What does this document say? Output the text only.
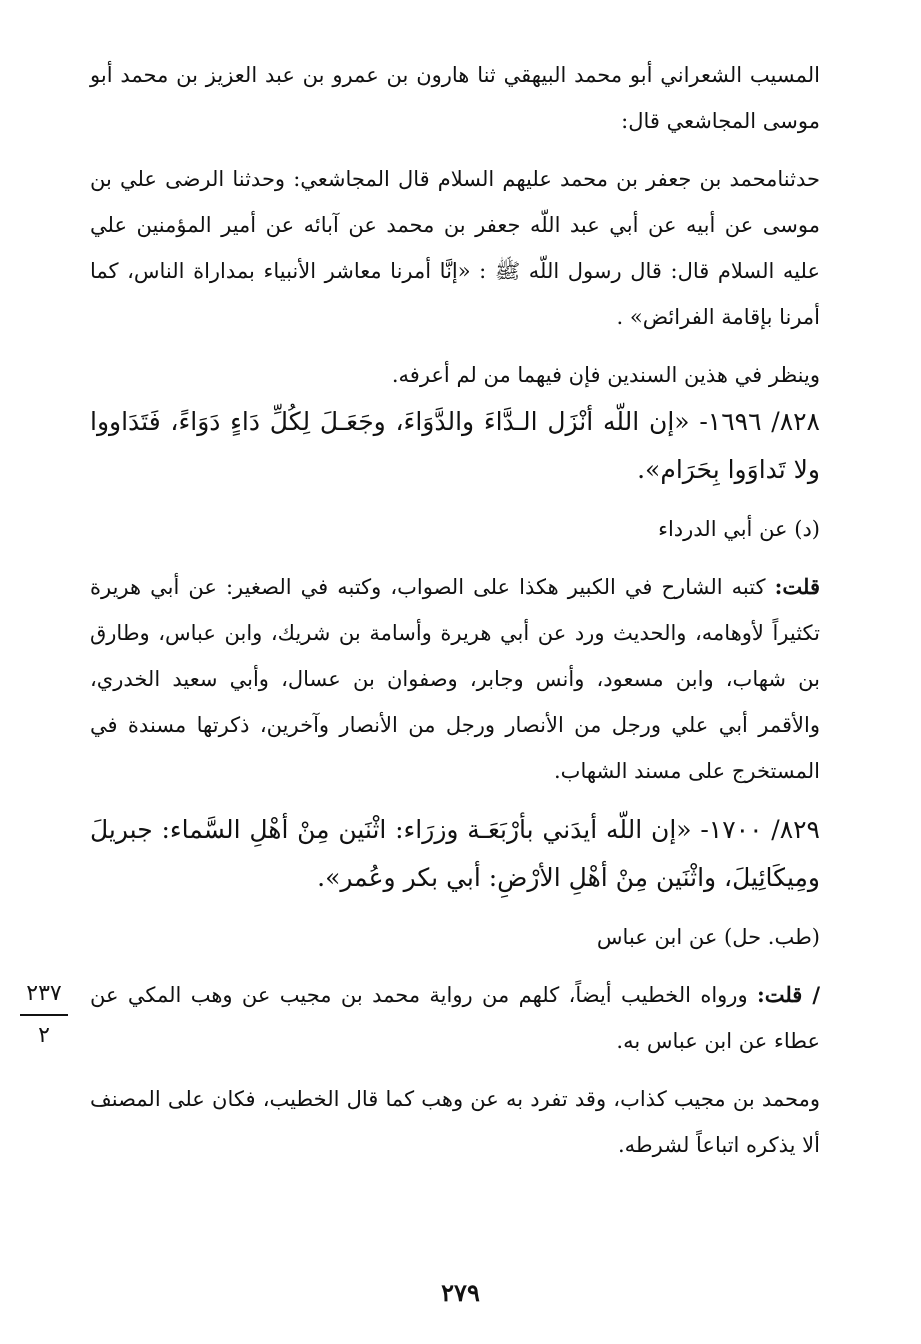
المسيب الشعراني أبو محمد البيهقي ثنا هارون بن عمرو بن عبد العزيز بن محمد أبو موسى المجاشعي قال:

حدثنامحمد بن جعفر بن محمد عليهم السلام قال المجاشعي: وحدثنا الرضى علي بن موسى عن أبيه عن أبي عبد اللّه جعفر بن محمد عن آبائه عن أمير المؤمنين علي عليه السلام قال: قال رسول اللّه ﷺ : «إنَّا أمرنا معاشر الأنبياء بمداراة الناس، كما أمرنا بإقامة الفرائض» .

وينظر في هذين السندين فإن فيهما من لم أعرفه.

٨٢٨/ ١٦٩٦- «إن اللّه أنْزَل الـدَّاءَ والدَّوَاءَ، وجَعَـلَ لِكُلِّ دَاءٍ دَوَاءً، فَتَدَاووا ولا تَداوَوا بِحَرَام».

(د) عن أبي الدرداء

قلت: كتبه الشارح في الكبير هكذا على الصواب، وكتبه في الصغير: عن أبي هريرة تكثيراً لأوهامه، والحديث ورد عن أبي هريرة وأسامة بن شريك، وابن عباس، وطارق بن شهاب، وابن مسعود، وأنس وجابر، وصفوان بن عسال، وأبي سعيد الخدري، والأقمر أبي علي ورجل من الأنصار ورجل من الأنصار وآخرين، ذكرتها مسندة في المستخرج على مسند الشهاب.

٨٢٩/ ١٧٠٠- «إن اللّه أيدَني بأرْبَعَـة وزرَاء: اثْنَين مِنْ أهْلِ السَّماء: جبريلَ ومِيكَائِيلَ، واثْنَين مِنْ أهْلِ الأرْضِ: أبي بكر وعُمر».

(طب. حل) عن ابن عباس

/ قلت: ورواه الخطيب أيضاً، كلهم من رواية محمد بن مجيب عن وهب المكي عن عطاء عن ابن عباس به.

ومحمد بن مجيب كذاب، وقد تفرد به عن وهب كما قال الخطيب، فكان على المصنف ألا يذكره اتباعاً لشرطه.

٢٣٧
٢
٢٧٩
